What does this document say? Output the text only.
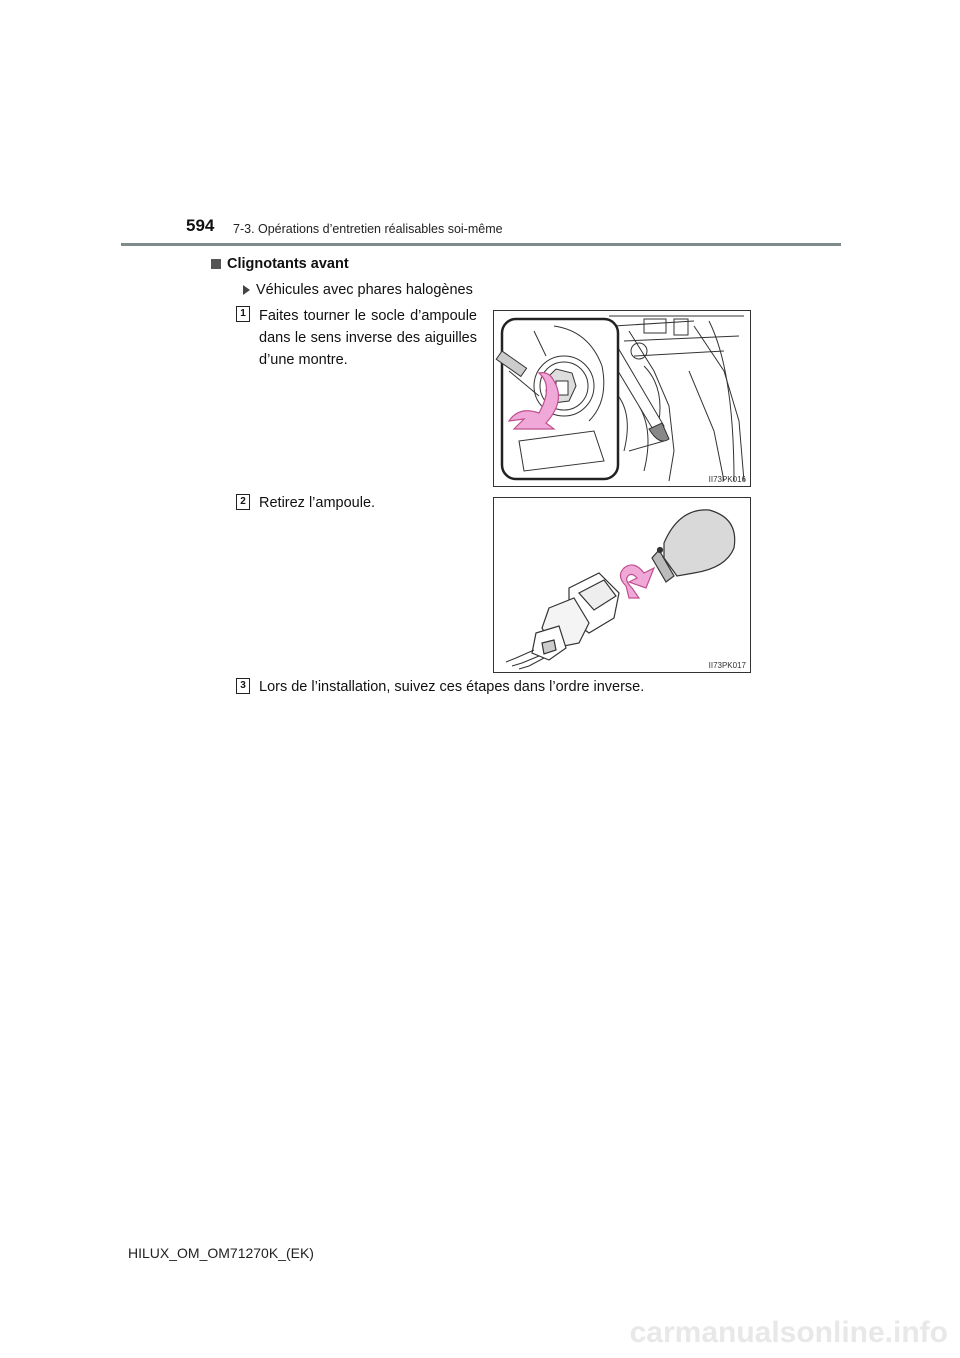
594 7-3. Opérations d’entretien réalisables soi-même
Clignotants avant
Véhicules avec phares halogènes
1 Faites tourner le socle d’ampoule dans le sens inverse des aiguilles d’une montre.
II73PK016
2 Retirez l’ampoule.
II73PK017
3 Lors de l’installation, suivez ces étapes dans l’ordre inverse.
HILUX_OM_OM71270K_(EK)
carmanualsonline.info
